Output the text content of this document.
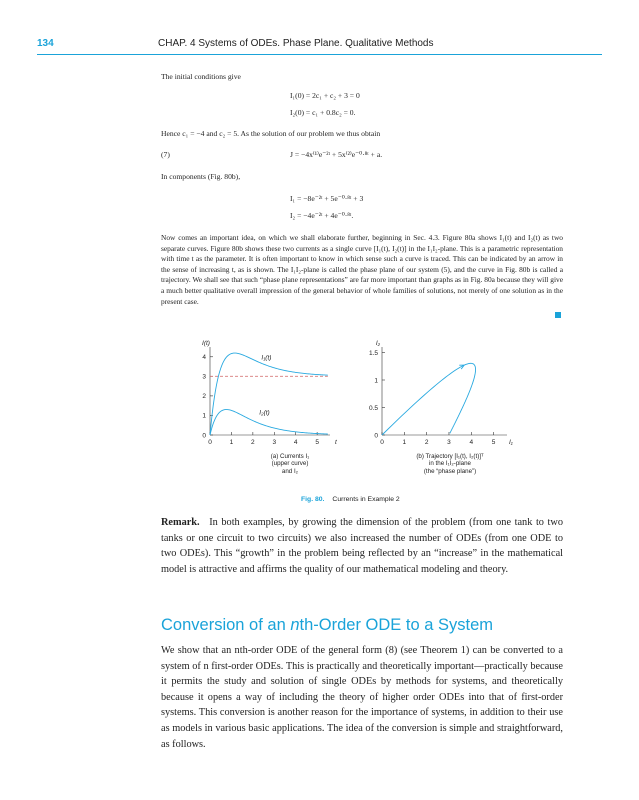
134	CHAP. 4 Systems of ODEs. Phase Plane. Qualitative Methods
The initial conditions give
I₁(0) = 2c₁ + c₂ + 3 = 0
I₂(0) = c₁ + 0.8c₂ = 0.
Hence c₁ = −4 and c₂ = 5. As the solution of our problem we thus obtain
(7)	J = −4x⁽¹⁾e⁻²ᵗ + 5x⁽²⁾e⁻⁰·⁸ᵗ + a.
In components (Fig. 80b),
I₁ = −8e⁻²ᵗ + 5e⁻⁰·⁸ᵗ + 3
I₂ = −4e⁻²ᵗ + 4e⁻⁰·⁸ᵗ.
Now comes an important idea, on which we shall elaborate further, beginning in Sec. 4.3. Figure 80a shows I₁(t) and I₂(t) as two separate curves. Figure 80b shows these two currents as a single curve [I₁(t), I₂(t)] in the I₁I₂-plane. This is a parametric representation with time t as the parameter. It is often important to know in which sense such a curve is traced. This can be indicated by an arrow in the sense of increasing t, as is shown. The I₁I₂-plane is called the phase plane of our system (5), and the curve in Fig. 80b is called a trajectory. We shall see that such “phase plane representations” are far more important than graphs as in Fig. 80a because they will give a much better qualitative overall impression of the general behavior of whole families of solutions, not merely of one solution as in the present case.
0	1	2	3	4	5
0
1
2
3
4
I(t)
t
I₁(t)
I₂(t)
0	1	2	3	4	5
0
0.5
1
1.5
I₂
I₁
(a) Currents I₁
(upper curve)
and I₂
(b) Trajectory [I₁(t), I₂(t)]ᵀ
in the I₁I₂-plane
(the “phase plane”)
Fig. 80. Currents in Example 2
Remark. In both examples, by growing the dimension of the problem (from one tank to two tanks or one circuit to two circuits) we also increased the number of ODEs (from one ODE to two ODEs). This “growth” in the problem being reflected by an “increase” in the mathematical model is attractive and affirms the quality of our mathematical modeling and theory.
Conversion of an nth-Order ODE to a System
We show that an nth-order ODE of the general form (8) (see Theorem 1) can be converted to a system of n first-order ODEs. This is practically and theoretically important—practically because it permits the study and solution of single ODEs by methods for systems, and theoretically because it opens a way of including the theory of higher order ODEs into that of first-order systems. This conversion is another reason for the importance of systems, in addition to their use as models in various basic applications. The idea of the conversion is simple and straightforward, as follows.
